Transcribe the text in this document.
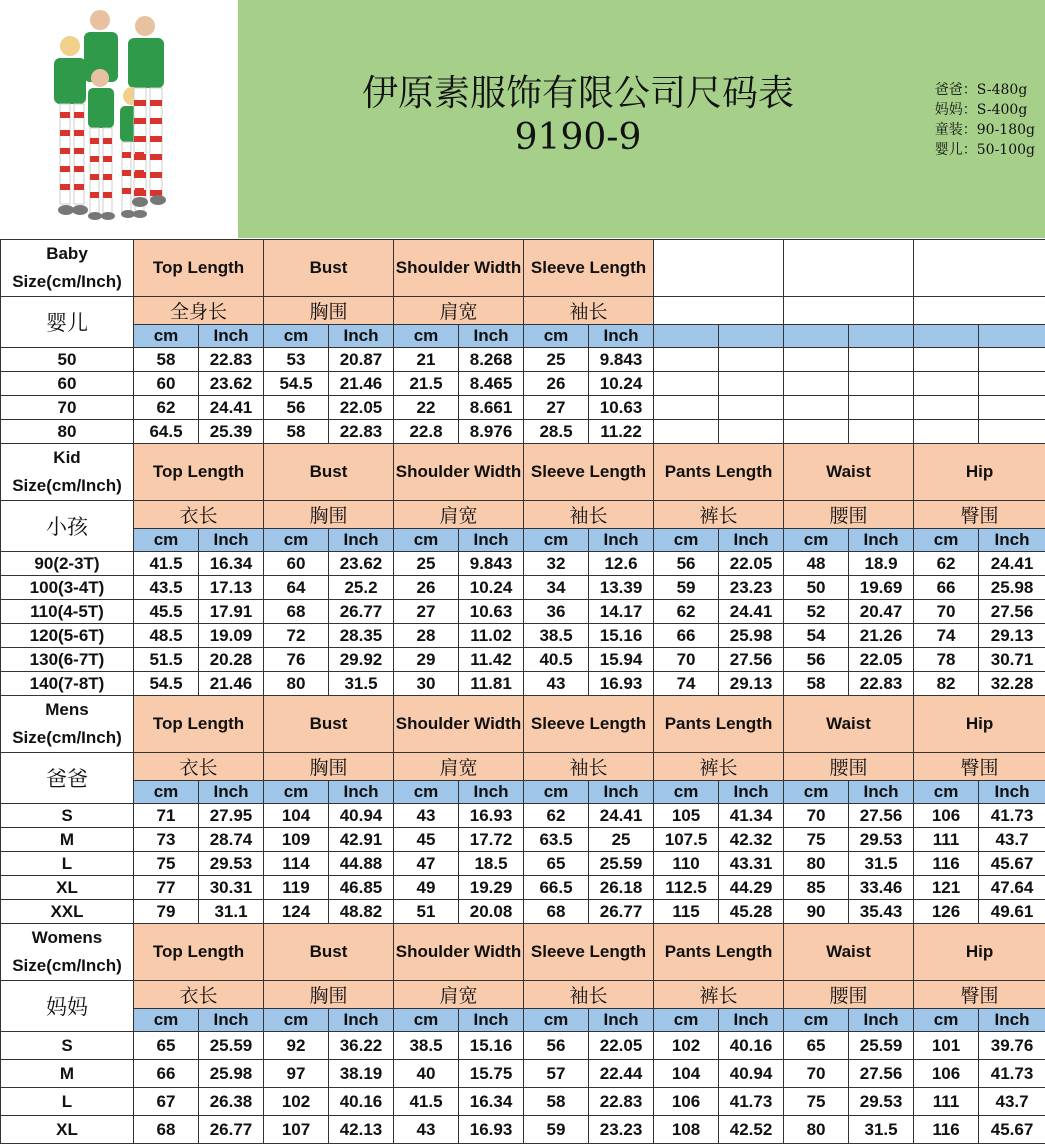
伊原素服饰有限公司尺码表
9190-9
爸爸：S-480g
妈妈：S-400g
童装：90-180g
婴儿：50-100g
Baby Size(cm/Inch)	Top Length		Bust		Shoulder Width		Sleeve Length							
婴儿	全身长		胸围		肩宽		袖长							
	cm	Inch	cm	Inch	cm	Inch	cm	Inch						
50	58	22.83	53	20.87	21	8.268	25	9.843						
60	60	23.62	54.5	21.46	21.5	8.465	26	10.24						
70	62	24.41	56	22.05	22	8.661	27	10.63						
80	64.5	25.39	58	22.83	22.8	8.976	28.5	11.22						
Kid Size(cm/Inch)	Top Length		Bust		Shoulder Width		Sleeve Length		Pants Length		Waist		Hip	
小孩	衣长		胸围		肩宽		袖长		裤长		腰围		臀围	
	cm	Inch	cm	Inch	cm	Inch	cm	Inch	cm	Inch	cm	Inch	cm	Inch
90(2-3T)	41.5	16.34	60	23.62	25	9.843	32	12.6	56	22.05	48	18.9	62	24.41
100(3-4T)	43.5	17.13	64	25.2	26	10.24	34	13.39	59	23.23	50	19.69	66	25.98
110(4-5T)	45.5	17.91	68	26.77	27	10.63	36	14.17	62	24.41	52	20.47	70	27.56
120(5-6T)	48.5	19.09	72	28.35	28	11.02	38.5	15.16	66	25.98	54	21.26	74	29.13
130(6-7T)	51.5	20.28	76	29.92	29	11.42	40.5	15.94	70	27.56	56	22.05	78	30.71
140(7-8T)	54.5	21.46	80	31.5	30	11.81	43	16.93	74	29.13	58	22.83	82	32.28
Mens Size(cm/Inch)	Top Length		Bust		Shoulder Width		Sleeve Length		Pants Length		Waist		Hip	
爸爸	衣长		胸围		肩宽		袖长		裤长		腰围		臀围	
	cm	Inch	cm	Inch	cm	Inch	cm	Inch	cm	Inch	cm	Inch	cm	Inch
S	71	27.95	104	40.94	43	16.93	62	24.41	105	41.34	70	27.56	106	41.73
M	73	28.74	109	42.91	45	17.72	63.5	25	107.5	42.32	75	29.53	111	43.7
L	75	29.53	114	44.88	47	18.5	65	25.59	110	43.31	80	31.5	116	45.67
XL	77	30.31	119	46.85	49	19.29	66.5	26.18	112.5	44.29	85	33.46	121	47.64
XXL	79	31.1	124	48.82	51	20.08	68	26.77	115	45.28	90	35.43	126	49.61
Womens Size(cm/Inch)	Top Length		Bust		Shoulder Width		Sleeve Length		Pants Length		Waist		Hip	
妈妈	衣长		胸围		肩宽		袖长		裤长		腰围		臀围	
	cm	Inch	cm	Inch	cm	Inch	cm	Inch	cm	Inch	cm	Inch	cm	Inch
S	65	25.59	92	36.22	38.5	15.16	56	22.05	102	40.16	65	25.59	101	39.76
M	66	25.98	97	38.19	40	15.75	57	22.44	104	40.94	70	27.56	106	41.73
L	67	26.38	102	40.16	41.5	16.34	58	22.83	106	41.73	75	29.53	111	43.7
XL	68	26.77	107	42.13	43	16.93	59	23.23	108	42.52	80	31.5	116	45.67
